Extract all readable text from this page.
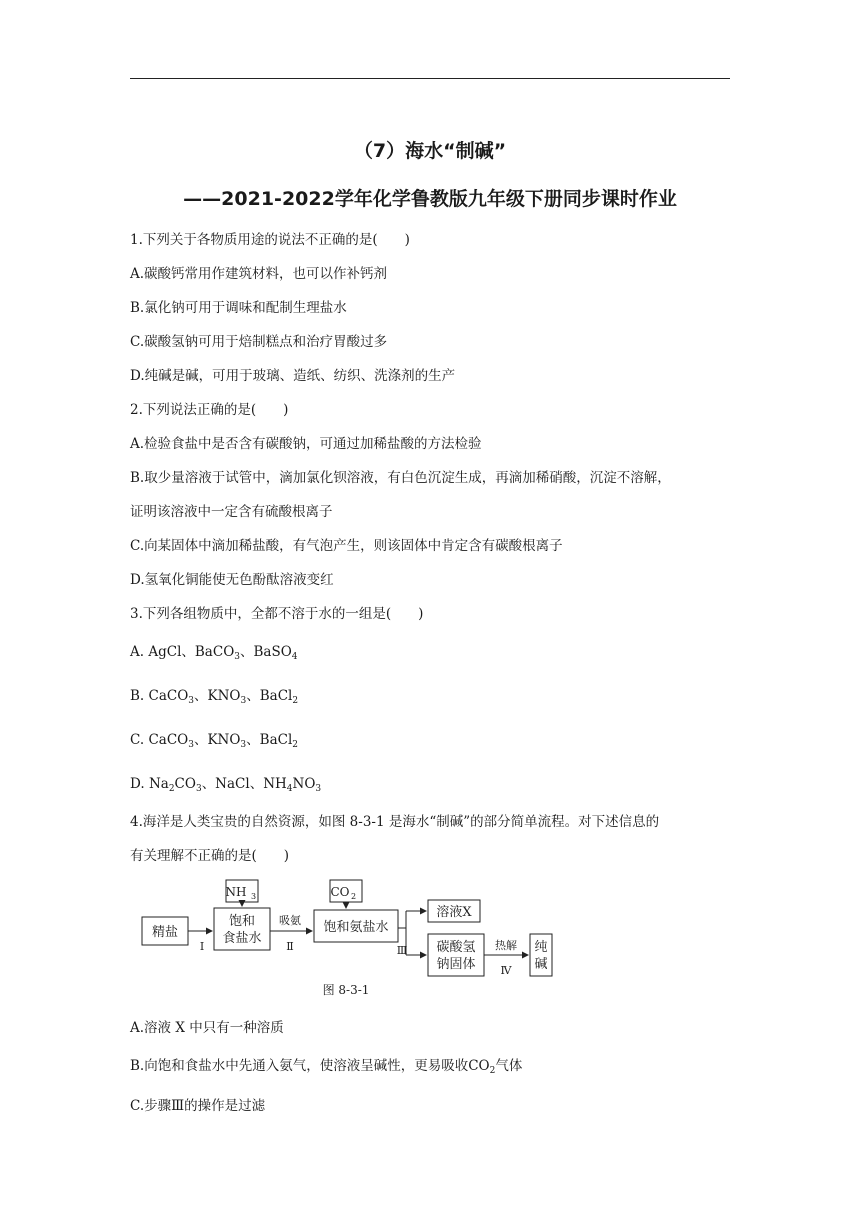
（7）海水“制碱”
——2021-2022学年化学鲁教版九年级下册同步课时作业
1.下列关于各物质用途的说法不正确的是(　　)
A.碳酸钙常用作建筑材料，也可以作补钙剂
B.氯化钠可用于调味和配制生理盐水
C.碳酸氢钠可用于焙制糕点和治疗胃酸过多
D.纯碱是碱，可用于玻璃、造纸、纺织、洗涤剂的生产
2.下列说法正确的是(　　)
A.检验食盐中是否含有碳酸钠，可通过加稀盐酸的方法检验
B.取少量溶液于试管中，滴加氯化钡溶液，有白色沉淀生成，再滴加稀硝酸，沉淀不溶解，
证明该溶液中一定含有硫酸根离子
C.向某固体中滴加稀盐酸，有气泡产生，则该固体中肯定含有碳酸根离子
D.氢氧化铜能使无色酚酞溶液变红
3.下列各组物质中，全都不溶于水的一组是(　　)
A. AgCl、BaCO$_3$、BaSO$_4$
B. CaCO$_3$、$KNO_3$、BaCl$_2$
C. CaCO$_3$、$KNO_3$、BaCl$_2$
D. $Na_2CO_3$、NaCl、$NH_4NO_3$
4.海洋是人类宝贵的自然资源，如图 8-3-1 是海水“制碱”的部分简单流程。对下述信息的
有关理解不正确的是(　　)
精盐
饱和
食盐水
饱和氨盐水
溶液X
碳酸氢
钠固体
纯
碱
NH 3	CO 2
吸氨
热解
Ⅰ	Ⅱ	Ⅲ
Ⅳ
图 8-3-1
A.溶液 X 中只有一种溶质
B.向饱和食盐水中先通入氨气，使溶液呈碱性，更易吸收$CO_2$气体
C.步骤Ⅲ的操作是过滤
